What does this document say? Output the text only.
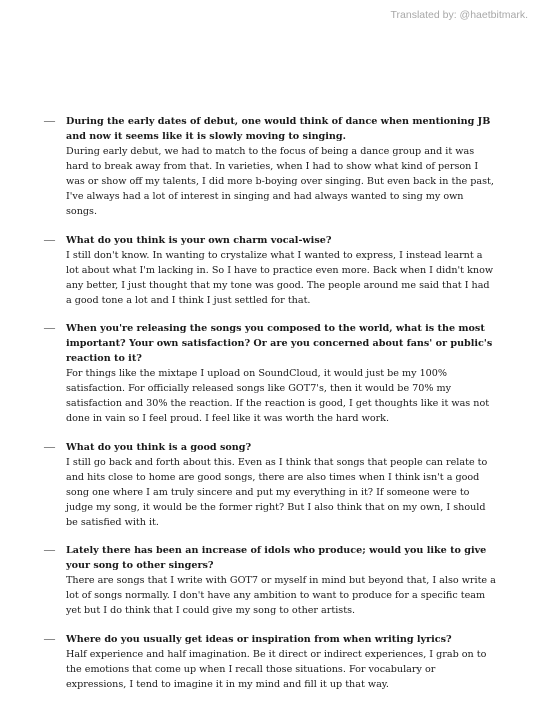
Translated by: @haetbitmark.
— During the early dates of debut, one would think of dance when mentioning JB and now it seems like it is slowly moving to singing.

During early debut, we had to match to the focus of being a dance group and it was hard to break away from that. In varieties, when I had to show what kind of person I was or show off my talents, I did more b-boying over singing. But even back in the past, I've always had a lot of interest in singing and had always wanted to sing my own songs.

— What do you think is your own charm vocal-wise?

I still don't know. In wanting to crystalize what I wanted to express, I instead learnt a lot about what I'm lacking in. So I have to practice even more. Back when I didn't know any better, I just thought that my tone was good. The people around me said that I had a good tone a lot and I think I just settled for that.

— When you're releasing the songs you composed to the world, what is the most important? Your own satisfaction? Or are you concerned about fans' or public's reaction to it?

For things like the mixtape I upload on SoundCloud, it would just be my 100% satisfaction. For officially released songs like GOT7's, then it would be 70% my satisfaction and 30% the reaction. If the reaction is good, I get thoughts like it was not done in vain so I feel proud. I feel like it was worth the hard work.

— What do you think is a good song?

I still go back and forth about this. Even as I think that songs that people can relate to and hits close to home are good songs, there are also times when I think isn't a good song one where I am truly sincere and put my everything in it? If someone were to judge my song, it would be the former right? But I also think that on my own, I should be satisfied with it.

— Lately there has been an increase of idols who produce; would you like to give your song to other singers?

There are songs that I write with GOT7 or myself in mind but beyond that, I also write a lot of songs normally. I don't have any ambition to want to produce for a specific team yet but I do think that I could give my song to other artists.

— Where do you usually get ideas or inspiration from when writing lyrics?

Half experience and half imagination. Be it direct or indirect experiences, I grab on to the emotions that come up when I recall those situations. For vocabulary or expressions, I tend to imagine it in my mind and fill it up that way.
